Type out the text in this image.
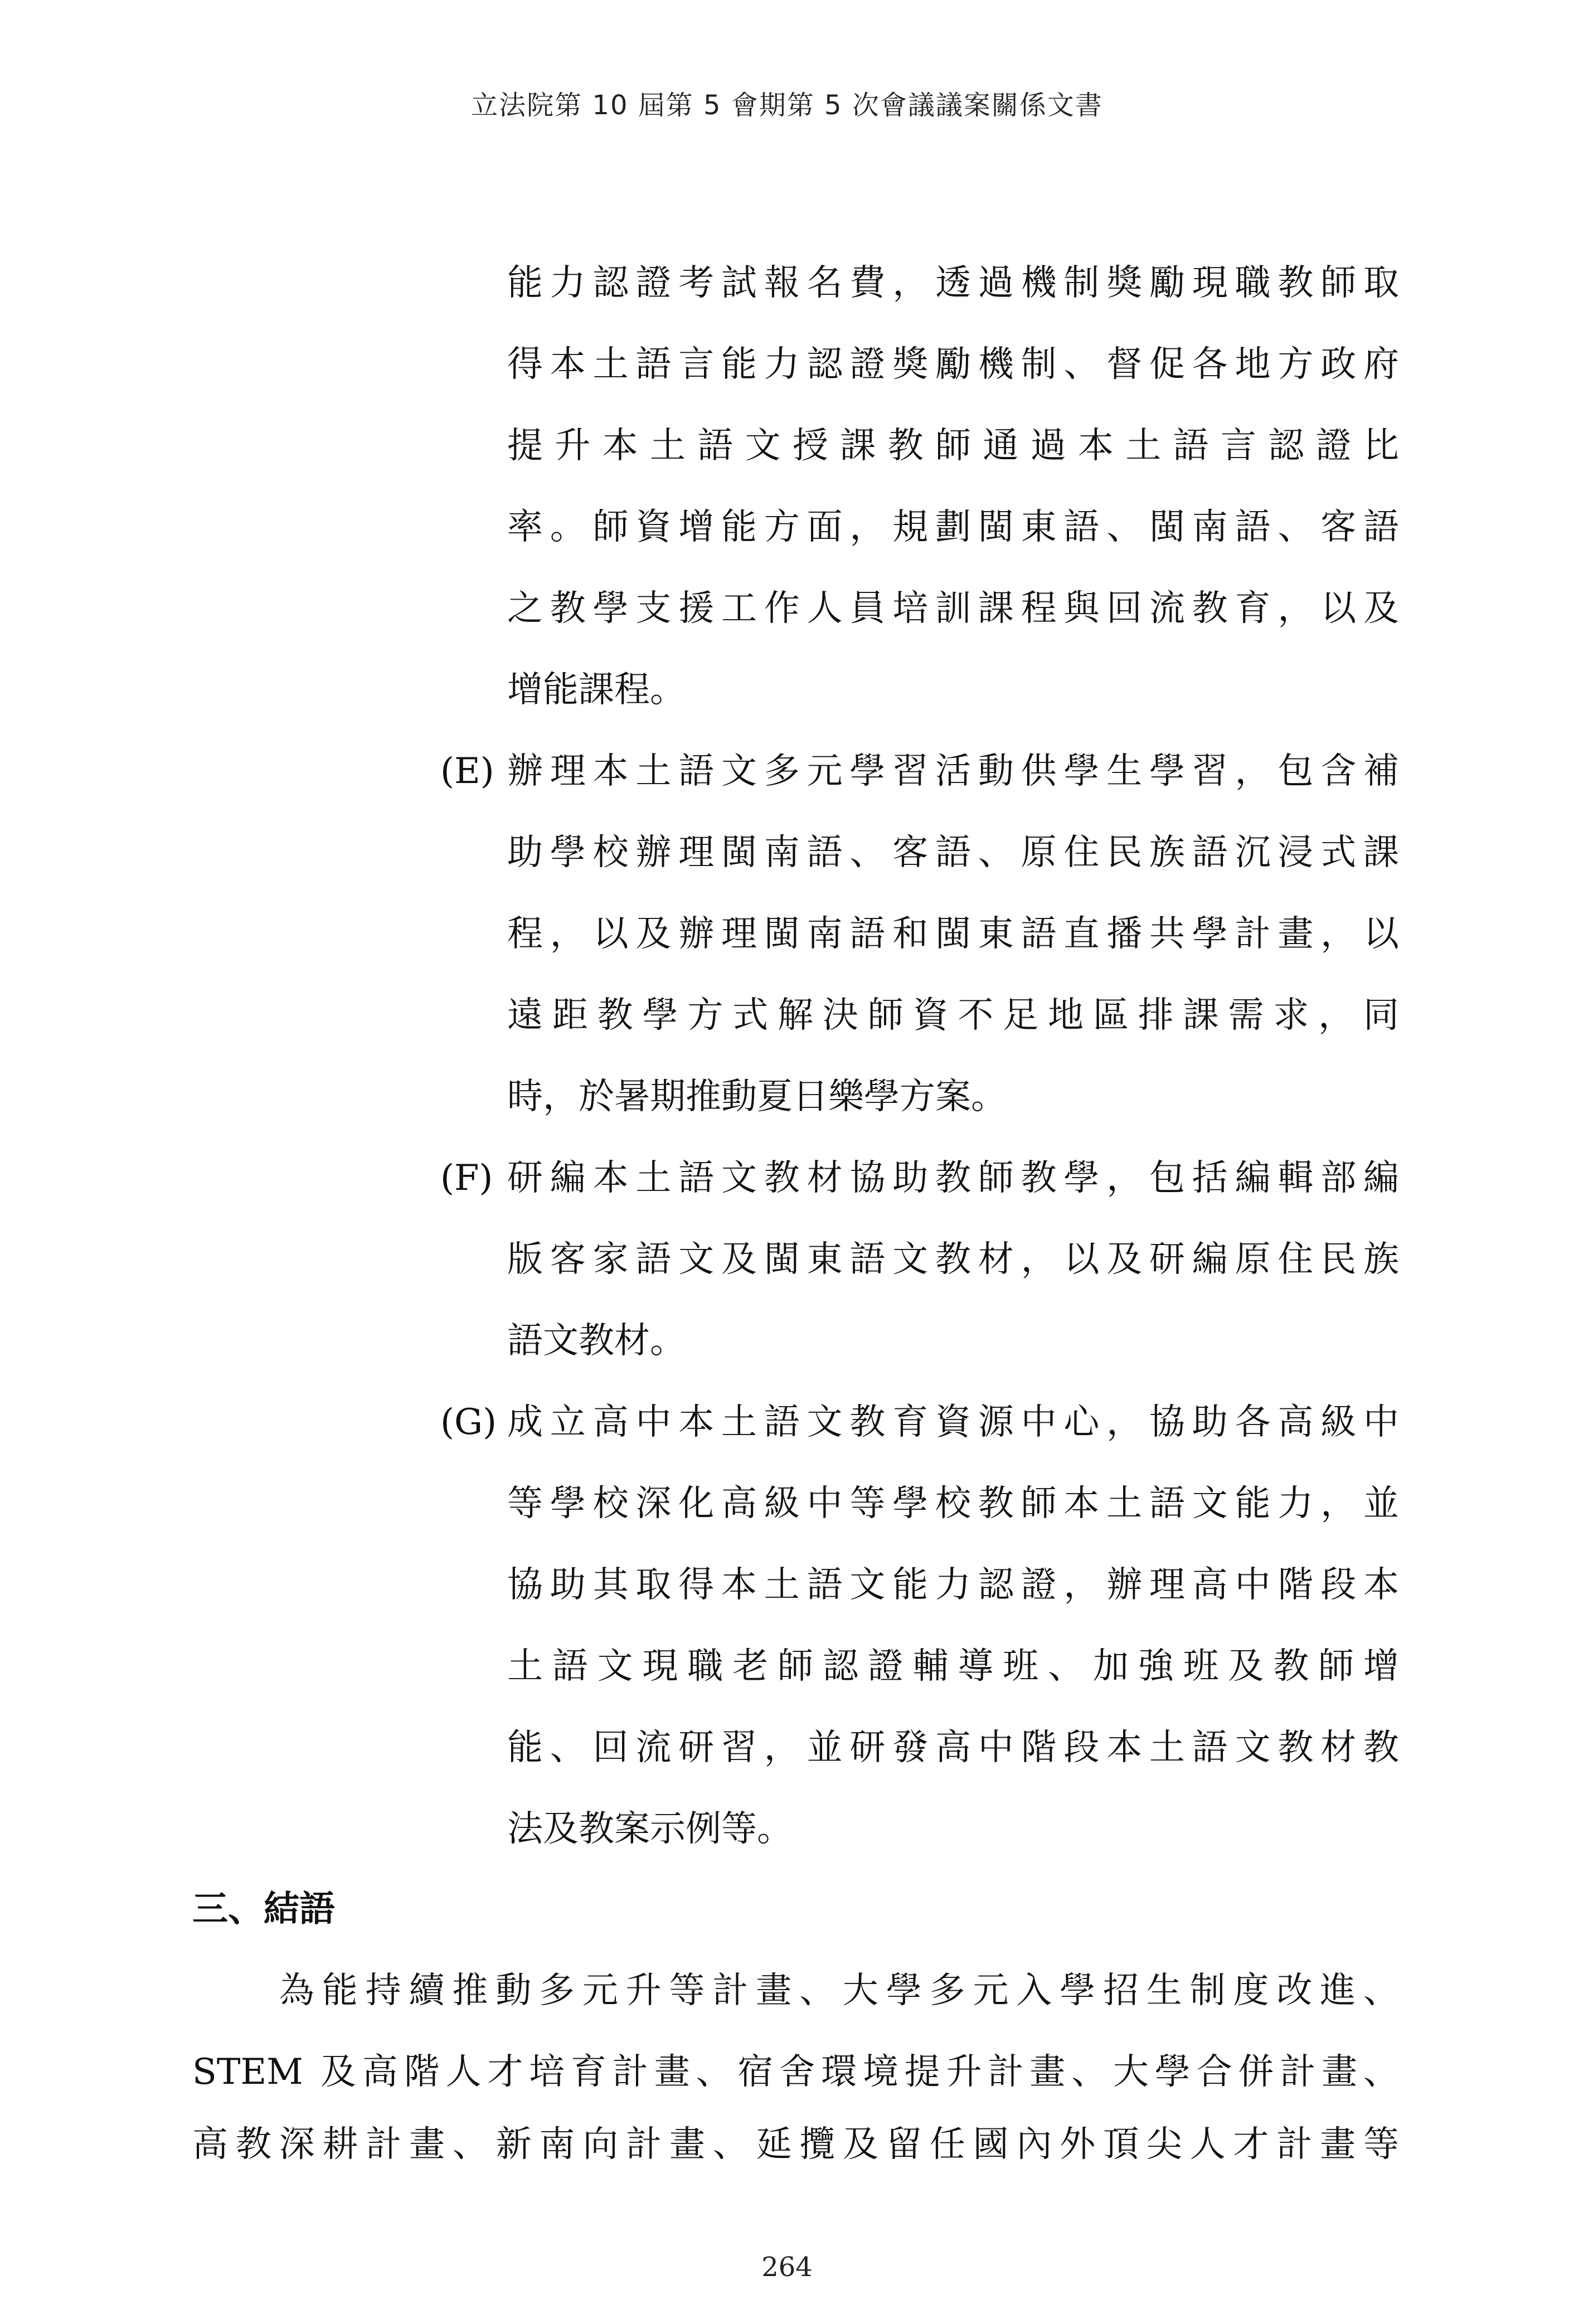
立法院第 10 屆第 5 會期第 5 次會議議案關係文書
能力認證考試報名費，透過機制獎勵現職教師取
得本土語言能力認證獎勵機制、督促各地方政府
提升本土語文授課教師通過本土語言認證比
率。師資增能方面，規劃閩東語、閩南語、客語
之教學支援工作人員培訓課程與回流教育，以及
增能課程。
(E) 辦理本土語文多元學習活動供學生學習，包含補
助學校辦理閩南語、客語、原住民族語沉浸式課
程，以及辦理閩南語和閩東語直播共學計畫，以
遠距教學方式解決師資不足地區排課需求，同
時，於暑期推動夏日樂學方案。
(F) 研編本土語文教材協助教師教學，包括編輯部編
版客家語文及閩東語文教材，以及研編原住民族
語文教材。
(G) 成立高中本土語文教育資源中心，協助各高級中
等學校深化高級中等學校教師本土語文能力，並
協助其取得本土語文能力認證，辦理高中階段本
土語文現職老師認證輔導班、加強班及教師增
能、回流研習，並研發高中階段本土語文教材教
法及教案示例等。
三、結語
為能持續推動多元升等計畫、大學多元入學招生制度改進、
STEM 及高階人才培育計畫、宿舍環境提升計畫、大學合併計畫、
高教深耕計畫、新南向計畫、延攬及留任國內外頂尖人才計畫等
264
